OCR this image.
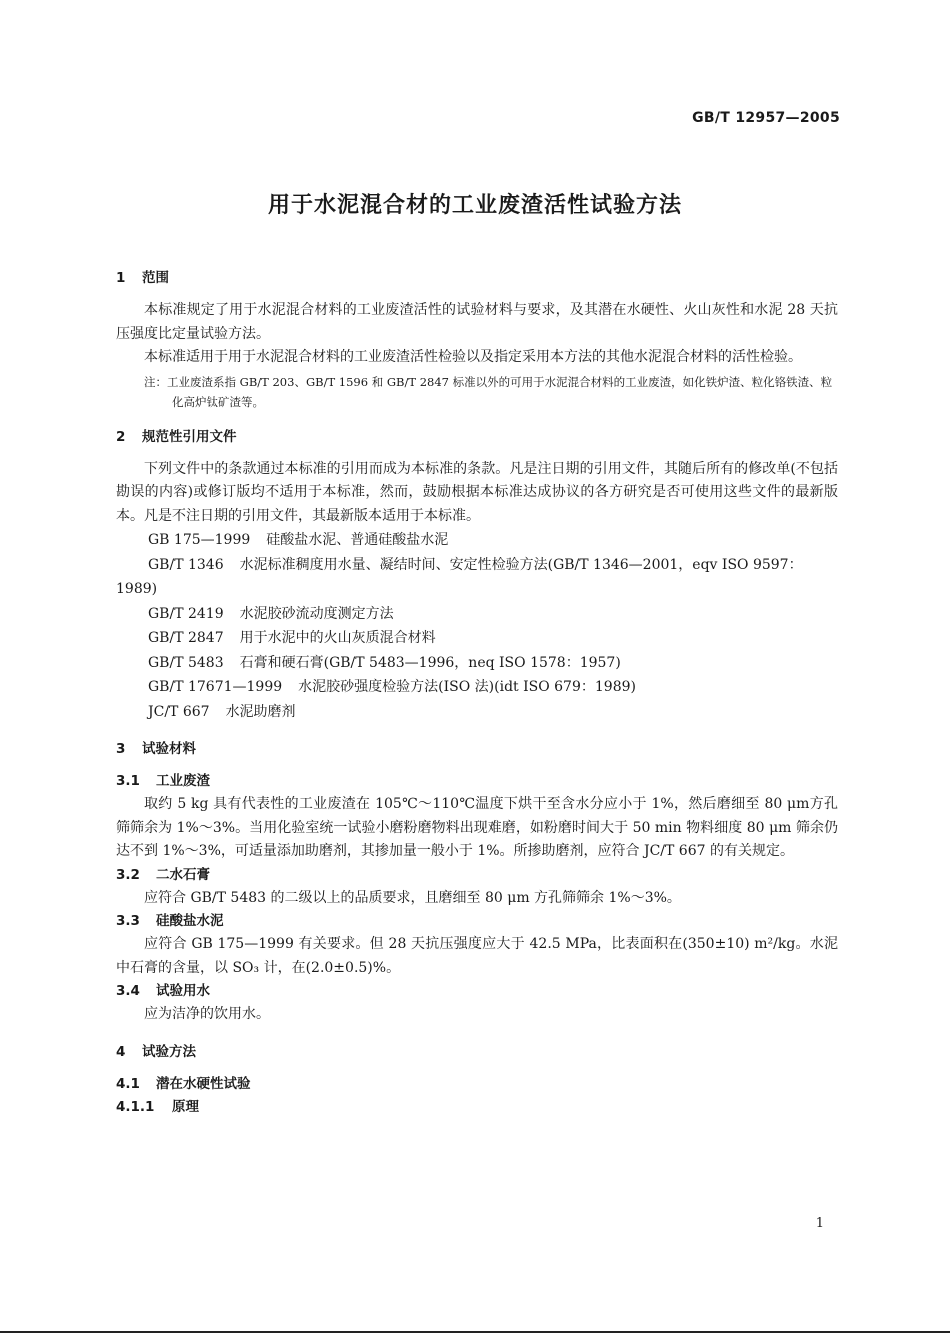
GB/T 12957—2005
用于水泥混合材的工业废渣活性试验方法
1 范围

本标准规定了用于水泥混合材料的工业废渣活性的试验材料与要求，及其潜在水硬性、火山灰性和水泥 28 天抗压强度比定量试验方法。

本标准适用于用于水泥混合材料的工业废渣活性检验以及指定采用本方法的其他水泥混合材料的活性检验。

注：工业废渣系指 GB/T 203、GB/T 1596 和 GB/T 2847 标准以外的可用于水泥混合材料的工业废渣，如化铁炉渣、粒化铬铁渣、粒化高炉钛矿渣等。

2 规范性引用文件

下列文件中的条款通过本标准的引用而成为本标准的条款。凡是注日期的引用文件，其随后所有的修改单(不包括勘误的内容)或修订版均不适用于本标准，然而，鼓励根据本标准达成协议的各方研究是否可使用这些文件的最新版本。凡是不注日期的引用文件，其最新版本适用于本标准。

GB 175—1999 硅酸盐水泥、普通硅酸盐水泥

GB/T 1346 水泥标准稠度用水量、凝结时间、安定性检验方法(GB/T 1346—2001，eqv ISO 9597：

1989)

GB/T 2419 水泥胶砂流动度测定方法

GB/T 2847 用于水泥中的火山灰质混合材料

GB/T 5483 石膏和硬石膏(GB/T 5483—1996，neq ISO 1578：1957)

GB/T 17671—1999 水泥胶砂强度检验方法(ISO 法)(idt ISO 679：1989)

JC/T 667 水泥助磨剂

3 试验材料
3.1 工业废渣

取约 5 kg 具有代表性的工业废渣在 105℃～110℃温度下烘干至含水分应小于 1%，然后磨细至 80 μm方孔筛筛余为 1%～3%。当用化验室统一试验小磨粉磨物料出现难磨，如粉磨时间大于 50 min 物料细度 80 μm 筛余仍达不到 1%～3%，可适量添加助磨剂，其掺加量一般小于 1%。所掺助磨剂，应符合 JC/T 667 的有关规定。

3.2 二水石膏

应符合 GB/T 5483 的二级以上的品质要求，且磨细至 80 μm 方孔筛筛余 1%～3%。

3.3 硅酸盐水泥

应符合 GB 175—1999 有关要求。但 28 天抗压强度应大于 42.5 MPa，比表面积在(350±10) m²/kg。水泥中石膏的含量，以 SO₃ 计，在(2.0±0.5)%。

3.4 试验用水

应为洁净的饮用水。

4 试验方法
4.1 潜在水硬性试验
4.1.1 原理
1
